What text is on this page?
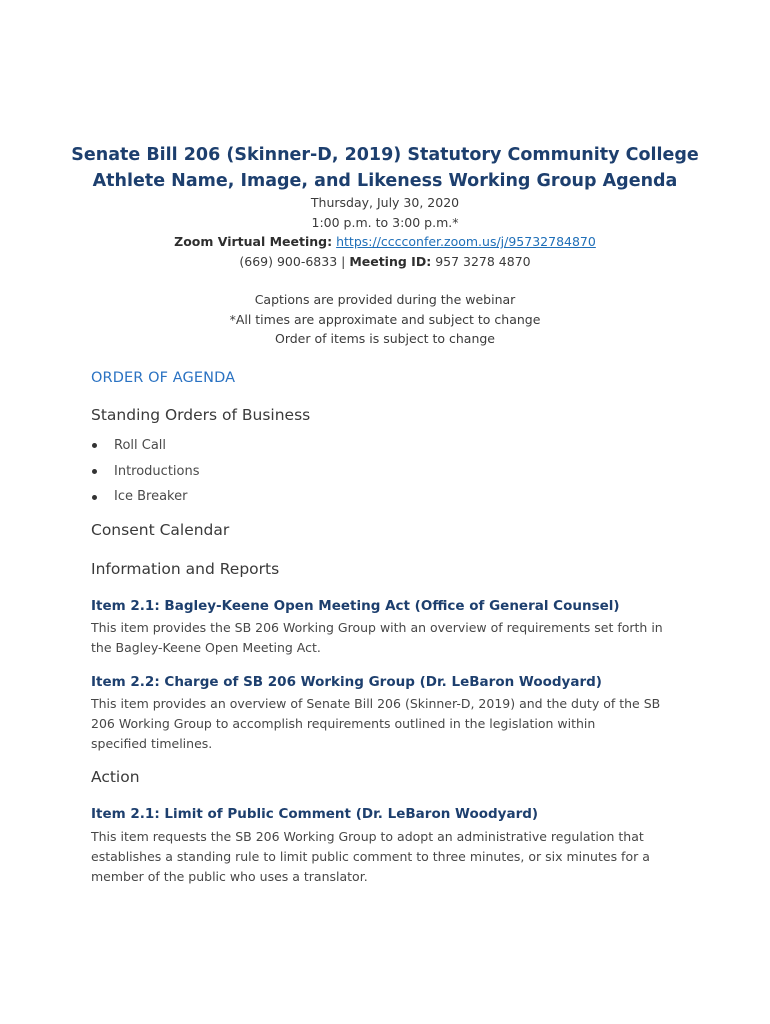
Senate Bill 206 (Skinner-D, 2019) Statutory Community College
Athlete Name, Image, and Likeness Working Group Agenda
Thursday, July 30, 2020
1:00 p.m. to 3:00 p.m.*
Zoom Virtual Meeting: https://cccconfer.zoom.us/j/95732784870
(669) 900-6833 | Meeting ID: 957 3278 4870
Captions are provided during the webinar
*All times are approximate and subject to change
Order of items is subject to change
ORDER OF AGENDA
Standing Orders of Business
Roll Call
Introductions
Ice Breaker
Consent Calendar
Information and Reports
Item 2.1: Bagley-Keene Open Meeting Act (Office of General Counsel)
This item provides the SB 206 Working Group with an overview of requirements set forth in
the Bagley-Keene Open Meeting Act.
Item 2.2: Charge of SB 206 Working Group (Dr. LeBaron Woodyard)
This item provides an overview of Senate Bill 206 (Skinner-D, 2019) and the duty of the SB
206 Working Group to accomplish requirements outlined in the legislation within
specified timelines.
Action
Item 2.1: Limit of Public Comment (Dr. LeBaron Woodyard)
This item requests the SB 206 Working Group to adopt an administrative regulation that
establishes a standing rule to limit public comment to three minutes, or six minutes for a
member of the public who uses a translator.
